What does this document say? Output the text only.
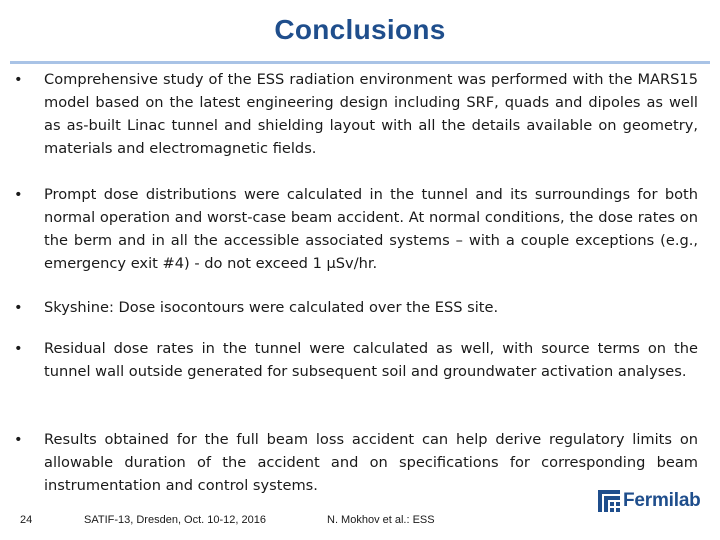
Conclusions
•	Comprehensive study of the ESS radiation environment was performed with the MARS15 model based on the latest engineering design including SRF, quads and dipoles as well as as-built Linac tunnel and shielding layout with all the details available on geometry, materials and electromagnetic fields.
•	Prompt dose distributions were calculated in the tunnel and its surroundings for both normal operation and worst-case beam accident. At normal conditions, the dose rates on the berm and in all the accessible associated systems – with a couple exceptions (e.g., emergency exit #4) - do not exceed 1 μSv/hr.
•	Skyshine: Dose isocontours were calculated over the ESS site.
•	Residual dose rates in the tunnel were calculated as well, with source terms on the tunnel wall outside generated for subsequent soil and groundwater activation analyses.
•	Results obtained for the full beam loss accident can help derive regulatory limits on allowable duration of the accident and on specifications for corresponding beam instrumentation and control systems.
24	SATIF-13, Dresden, Oct. 10-12, 2016	N. Mokhov et al.: ESS
Fermilab
